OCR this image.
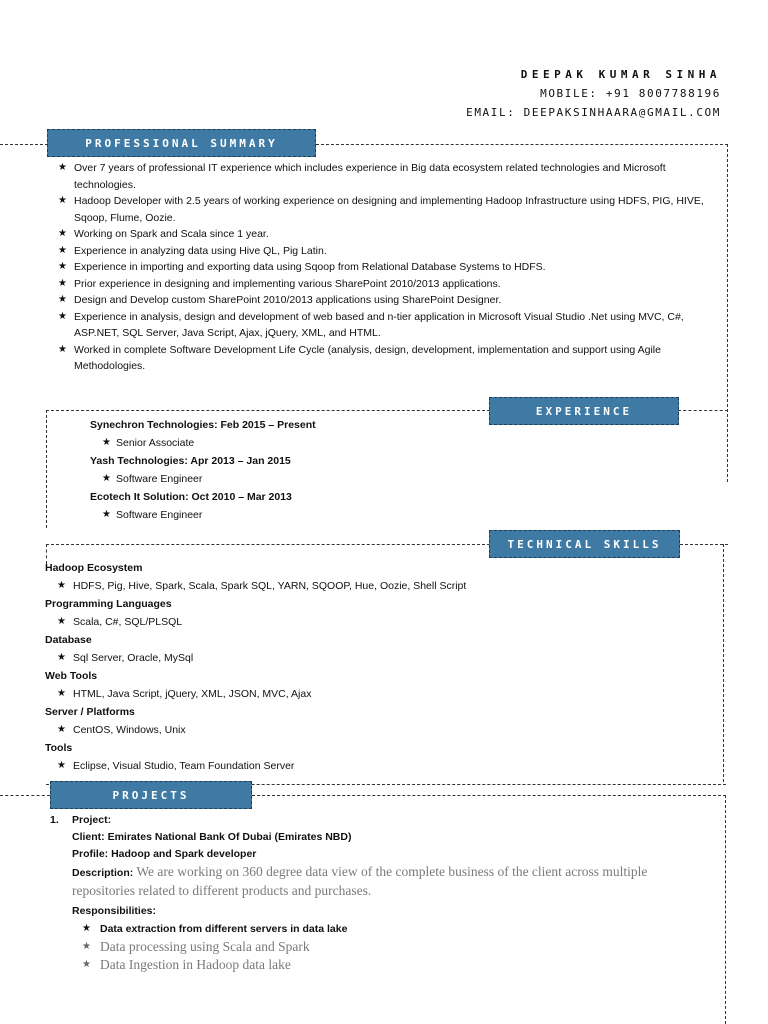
DEEPAK KUMAR SINHA
MOBILE: +91 8007788196
EMAIL: DEEPAKSINHAARA@GMAIL.COM
PROFESSIONAL SUMMARY
EXPERIENCE
TECHNICAL SKILLS
PROJECTS
★ Over 7 years of professional IT experience which includes experience in Big data ecosystem related technologies and Microsoft technologies.
★ Hadoop Developer with 2.5 years of working experience on designing and implementing Hadoop Infrastructure using HDFS, PIG, HIVE, Sqoop, Flume, Oozie.
★ Working on Spark and Scala since 1 year.
★ Experience in analyzing data using Hive QL, Pig Latin.
★ Experience in importing and exporting data using Sqoop from Relational Database Systems to HDFS.
★ Prior experience in designing and implementing various SharePoint 2010/2013 applications.
★ Design and Develop custom SharePoint 2010/2013 applications using SharePoint Designer.
★ Experience in analysis, design and development of web based and n-tier application in Microsoft Visual Studio .Net using MVC, C#, ASP.NET, SQL Server, Java Script, Ajax, jQuery, XML, and HTML.
★ Worked in complete Software Development Life Cycle (analysis, design, development, implementation and support using Agile Methodologies.
Synechron Technologies: Feb 2015 – Present
★ Senior Associate
Yash Technologies: Apr 2013 – Jan 2015
★ Software Engineer
Ecotech It Solution: Oct 2010 – Mar 2013
★ Software Engineer
Hadoop Ecosystem
★ HDFS, Pig, Hive, Spark, Scala, Spark SQL, YARN, SQOOP, Hue, Oozie, Shell Script
Programming Languages
★ Scala, C#, SQL/PLSQL
Database
★ Sql Server, Oracle, MySql
Web Tools
★ HTML, Java Script, jQuery, XML, JSON, MVC, Ajax
Server / Platforms
★ CentOS, Windows, Unix
Tools
★ Eclipse, Visual Studio, Team Foundation Server
1. Project:
Client: Emirates National Bank Of Dubai (Emirates NBD)
Profile: Hadoop and Spark developer
Description: We are working on 360 degree data view of the complete business of the client across multiple repositories related to different products and purchases.
Responsibilities:
★ Data extraction from different servers in data lake
★ Data processing using Scala and Spark
★ Data Ingestion in Hadoop data lake
